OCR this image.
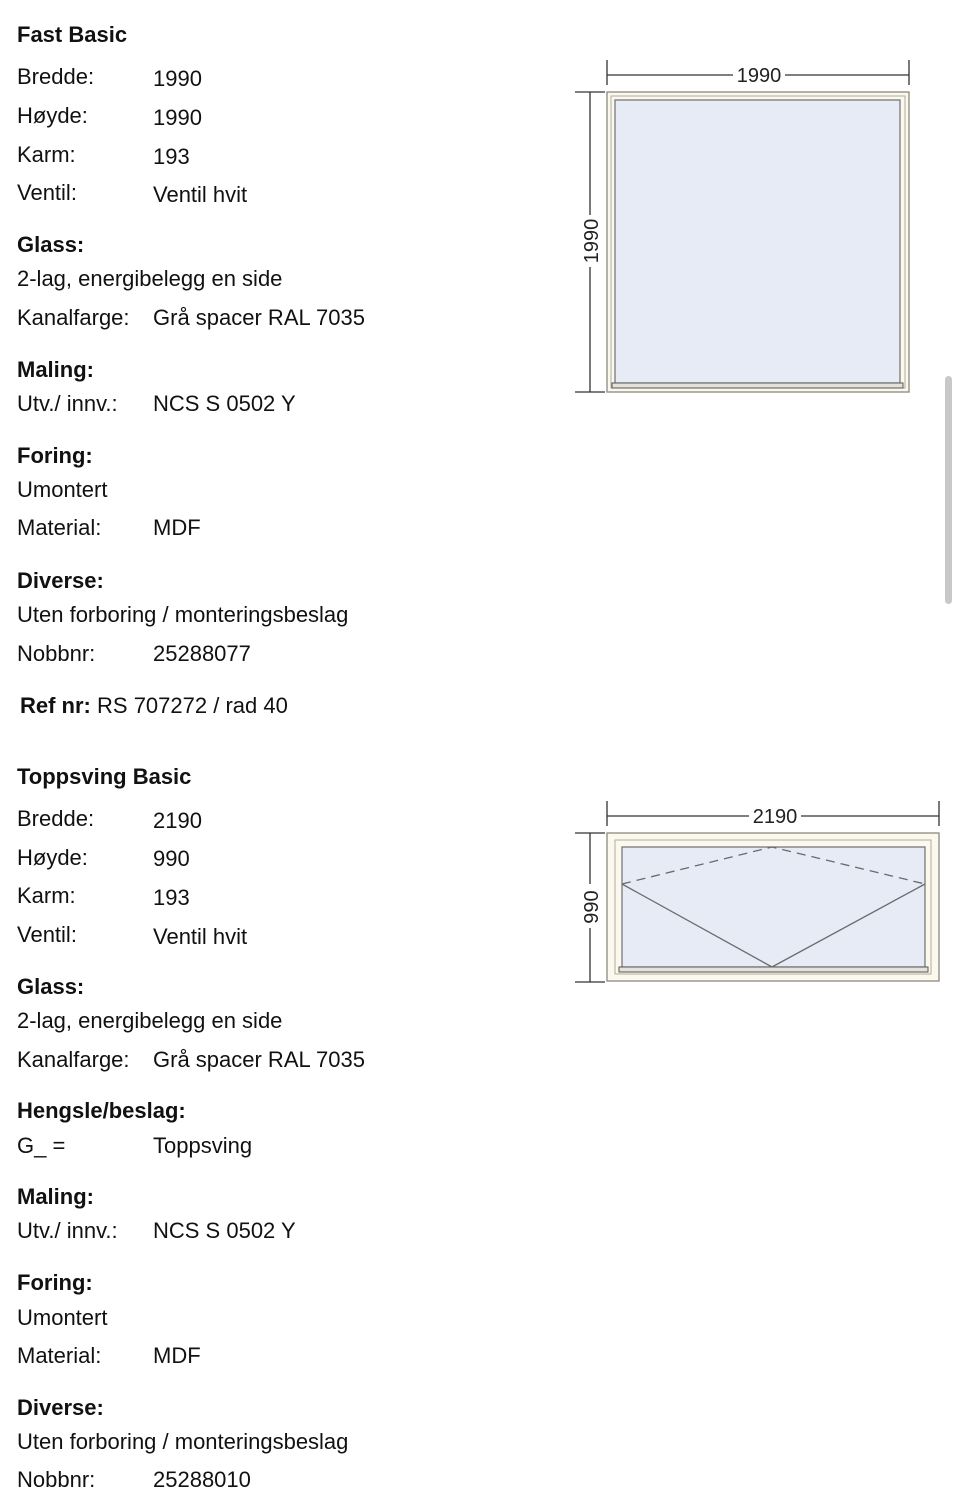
Fast Basic
Bredde:	1990
Høyde:	1990
Karm:	193
Ventil:	Ventil hvit
Glass:
2-lag, energibelegg en side
Kanalfarge: Grå spacer RAL 7035
Maling:
Utv./ innv.: NCS S 0502 Y
Foring:
Umontert
Material: MDF
Diverse:
Uten forboring / monteringsbeslag
Nobbnr:	25288077
Ref nr: RS 707272 / rad 40
1990
1990
Toppsving Basic
Bredde:	2190
Høyde:	990
Karm:	193
Ventil:	Ventil hvit
Glass:
2-lag, energibelegg en side
Kanalfarge: Grå spacer RAL 7035
Hengsle/beslag:
G_ =	Toppsving
Maling:
Utv./ innv.: NCS S 0502 Y
Foring:
Umontert
Material: MDF
Diverse:
Uten forboring / monteringsbeslag
Nobbnr:	25288010
2190
990
